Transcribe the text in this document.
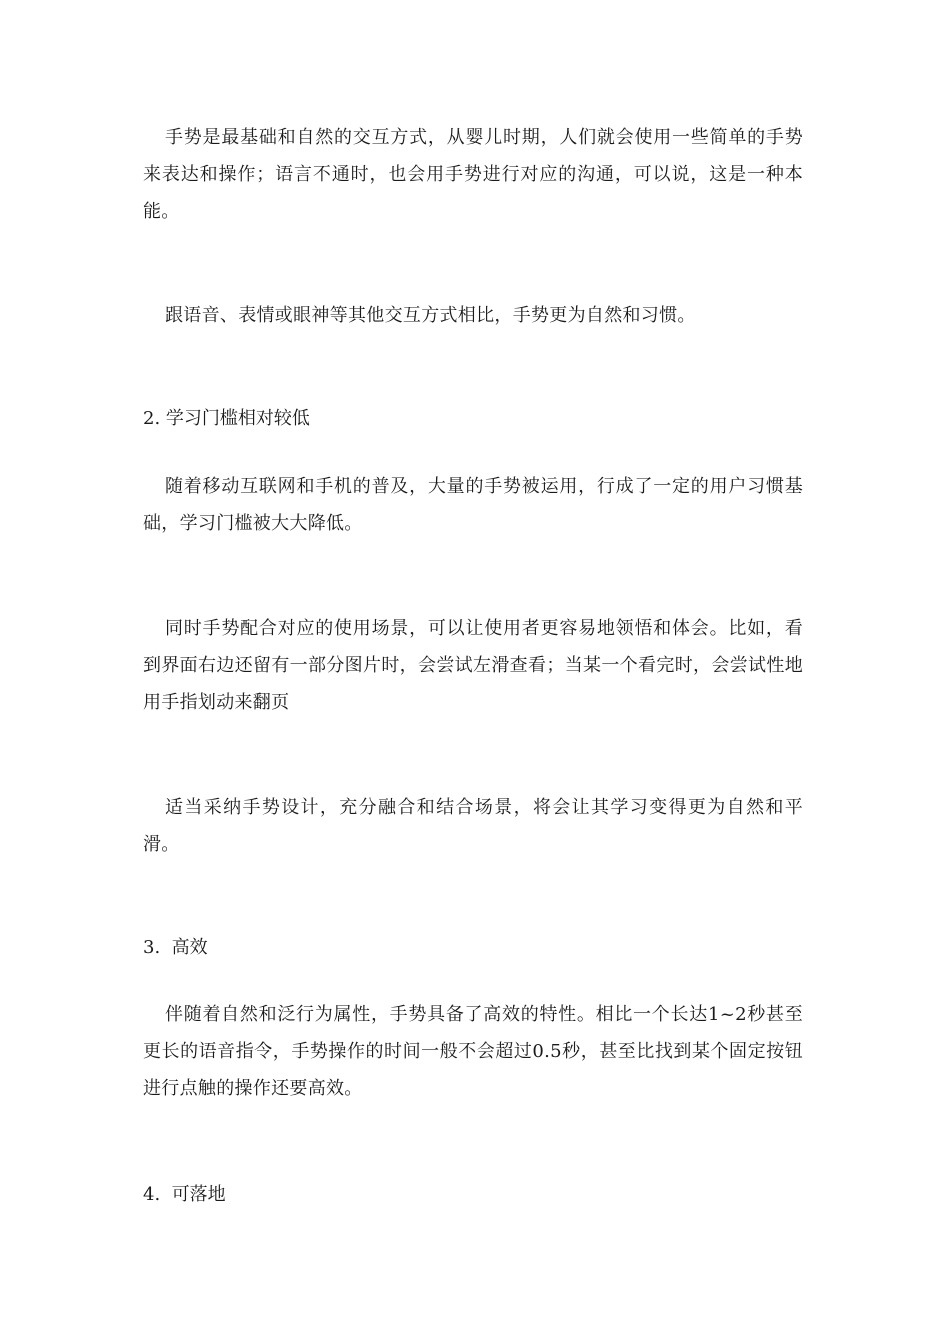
手势是最基础和自然的交互方式，从婴儿时期，人们就会使用一些简单的手势来表达和操作；语言不通时，也会用手势进行对应的沟通，可以说，这是一种本能。

跟语音、表情或眼神等其他交互方式相比，手势更为自然和习惯。

2. 学习门槛相对较低

随着移动互联网和手机的普及，大量的手势被运用，行成了一定的用户习惯基础，学习门槛被大大降低。

同时手势配合对应的使用场景，可以让使用者更容易地领悟和体会。比如，看到界面右边还留有一部分图片时，会尝试左滑查看；当某一个看完时，会尝试性地用手指划动来翻页

适当采纳手势设计，充分融合和结合场景，将会让其学习变得更为自然和平滑。

3.  高效

伴随着自然和泛行为属性，手势具备了高效的特性。相比一个长达1~2秒甚至更长的语音指令，手势操作的时间一般不会超过0.5秒，甚至比找到某个固定按钮进行点触的操作还要高效。

4.  可落地
